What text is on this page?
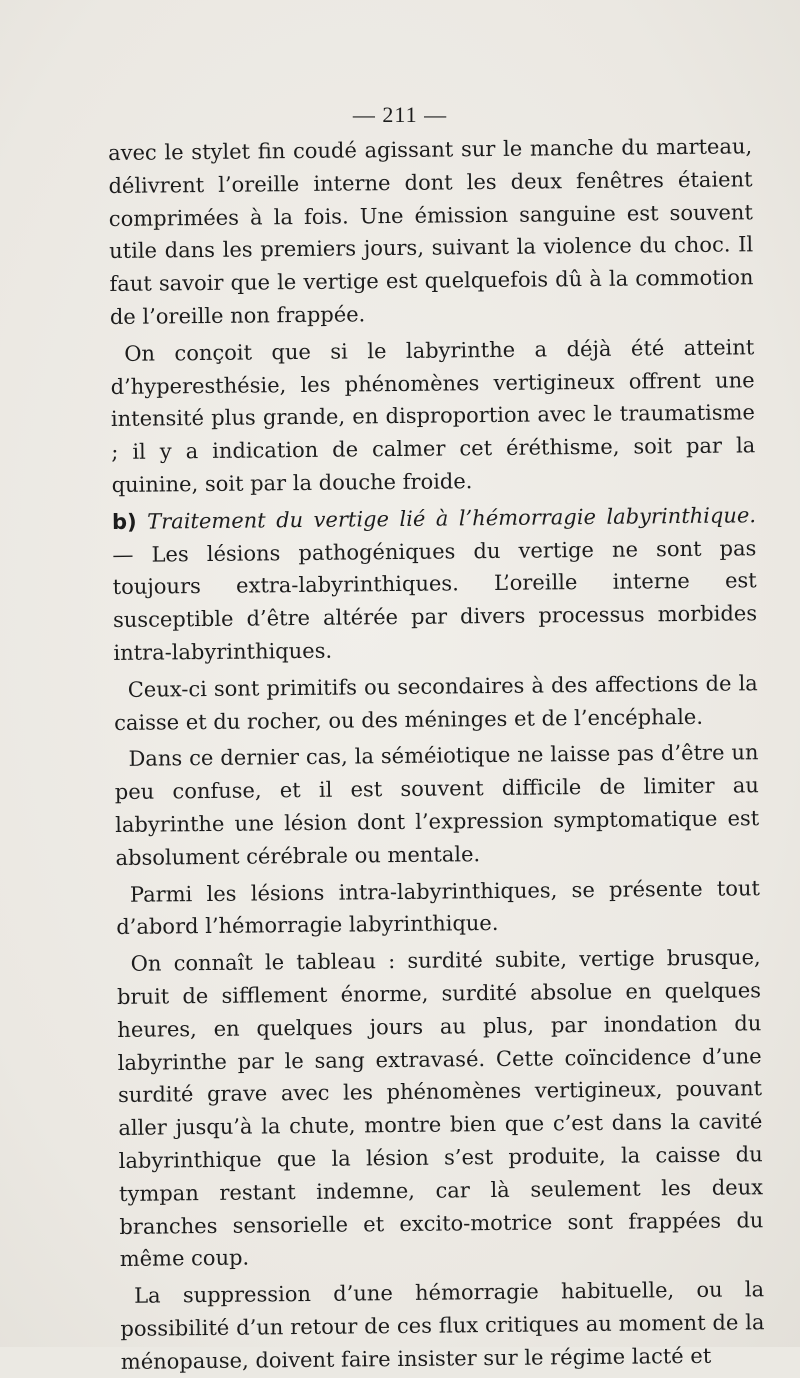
— 211 —

avec le stylet fin coudé agissant sur le manche du marteau, délivrent l’oreille interne dont les deux fenêtres étaient comprimées à la fois. Une émission sanguine est souvent utile dans les premiers jours, suivant la violence du choc. Il faut savoir que le vertige est quelquefois dû à la commotion de l’oreille non frappée.

On conçoit que si le labyrinthe a déjà été atteint d’hyperesthésie, les phénomènes vertigineux offrent une intensité plus grande, en disproportion avec le traumatisme ; il y a indication de calmer cet éréthisme, soit par la quinine, soit par la douche froide.

b) Traitement du vertige lié à l’hémorragie labyrinthique. — Les lésions pathogéniques du vertige ne sont pas toujours extra-labyrinthiques. L’oreille interne est susceptible d’être altérée par divers processus morbides intra-labyrinthiques.

Ceux-ci sont primitifs ou secondaires à des affections de la caisse et du rocher, ou des méninges et de l’encéphale.

Dans ce dernier cas, la séméiotique ne laisse pas d’être un peu confuse, et il est souvent difficile de limiter au labyrinthe une lésion dont l’expression symptomatique est absolument cérébrale ou mentale.

Parmi les lésions intra-labyrinthiques, se présente tout d’abord l’hémorragie labyrinthique.

On connaît le tableau : surdité subite, vertige brusque, bruit de sifflement énorme, surdité absolue en quelques heures, en quelques jours au plus, par inondation du labyrinthe par le sang extravasé. Cette coïncidence d’une surdité grave avec les phénomènes vertigineux, pouvant aller jusqu’à la chute, montre bien que c’est dans la cavité labyrinthique que la lésion s’est produite, la caisse du tympan restant indemne, car là seulement les deux branches sensorielle et excito-motrice sont frappées du même coup.

La suppression d’une hémorragie habituelle, ou la possibilité d’un retour de ces flux critiques au moment de la ménopause, doivent faire insister sur le régime lacté et
